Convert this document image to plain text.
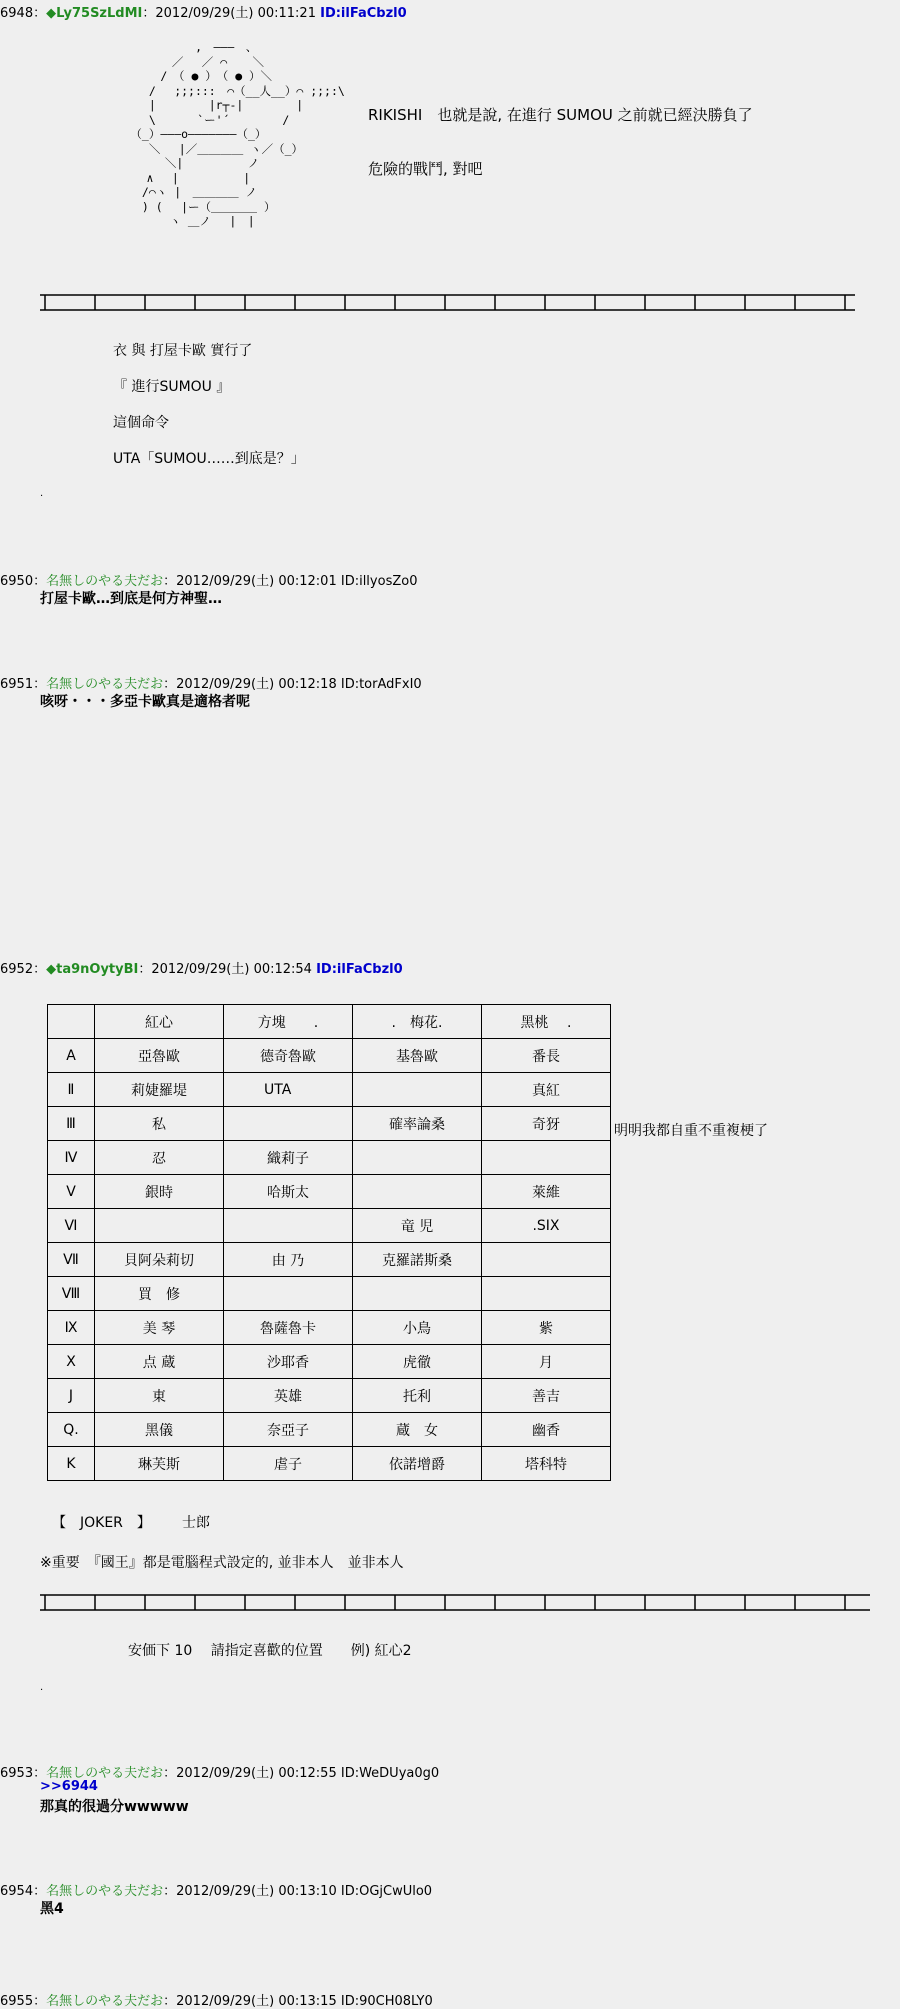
6948：◆Ly75SzLdMI：2012/09/29(土) 00:11:21 ID:ilFaCbzl0
,　―――　、
　　　　  ／　 ／ ⌒ 　 ＼
　　　  /　（ ● ）　（ ● ）＼
　　  /　 ;;;:::　⌒（__人__）⌒ ;;;:\
　　  |　　　　 |r┬-|　　　　 |
　　  \　　　 `ー'´　　　　 /
　 （_）―――o―――――――（_）
　　  ＼　 |／＿＿＿＿ ヽ／（_）
　　　　 ＼|　　　　　 ノ
　　　∧ 　|　　　　　 |
　　 /⌒ヽ |　＿＿＿＿ ノ
　　 ) (　 |ー（＿＿＿＿ ）
　　　　　ヽ ＿ノ　 |　|
RIKISHI　也就是說, 在進行 SUMOU 之前就已經決勝負了
危險的戰鬥, 對吧
衣 與 打屋卡歐 實行了
『 進行SUMOU 』
這個命令
UTA「SUMOU……到底是？」
.
6950：名無しのやる夫だお：2012/09/29(土) 00:12:01 ID:illyosZo0
打屋卡歐…到底是何方神聖…
6951：名無しのやる夫だお：2012/09/29(土) 00:12:18 ID:torAdFxI0
咳呀・・・多亞卡歐真是適格者呢
6952：◆ta9nOytyBI：2012/09/29(土) 00:12:54 ID:ilFaCbzl0
	紅心	方塊　　.	.　梅花.	黑桃　 .
A	亞魯歐	德奇魯歐	基魯歐	番長
Ⅱ	莉婕羅堤	UTA		真紅
Ⅲ	私		確率論桑	奇犽
Ⅳ	忍	織莉子		
Ⅴ	銀時	哈斯太		萊維
Ⅵ			竜 児	.SIX
Ⅶ	貝阿朵莉切	由 乃	克羅諾斯桑	
Ⅷ	買　修			
Ⅸ	美 琴	魯薩魯卡	小鳥	紫
Ⅹ	点 蔵	沙耶香	虎徹	月
J	東	英雄	托利	善吉
Q.	黑儀	奈亞子	蔵　女	幽香
K	琳芙斯	虐子	依諾增爵	塔科特
明明我都自重不重複梗了
【　JOKER　】 士郎
※重要　『國王』都是電腦程式設定的, 並非本人　並非本人
安価下 10　 請指定喜歡的位置　　例) 紅心2
.
6953：名無しのやる夫だお：2012/09/29(土) 00:12:55 ID:WeDUya0g0
>>6944
那真的很過分wwwww
6954：名無しのやる夫だお：2012/09/29(土) 00:13:10 ID:OGjCwUlo0
黑4
6955：名無しのやる夫だお：2012/09/29(土) 00:13:15 ID:90CH08LY0
